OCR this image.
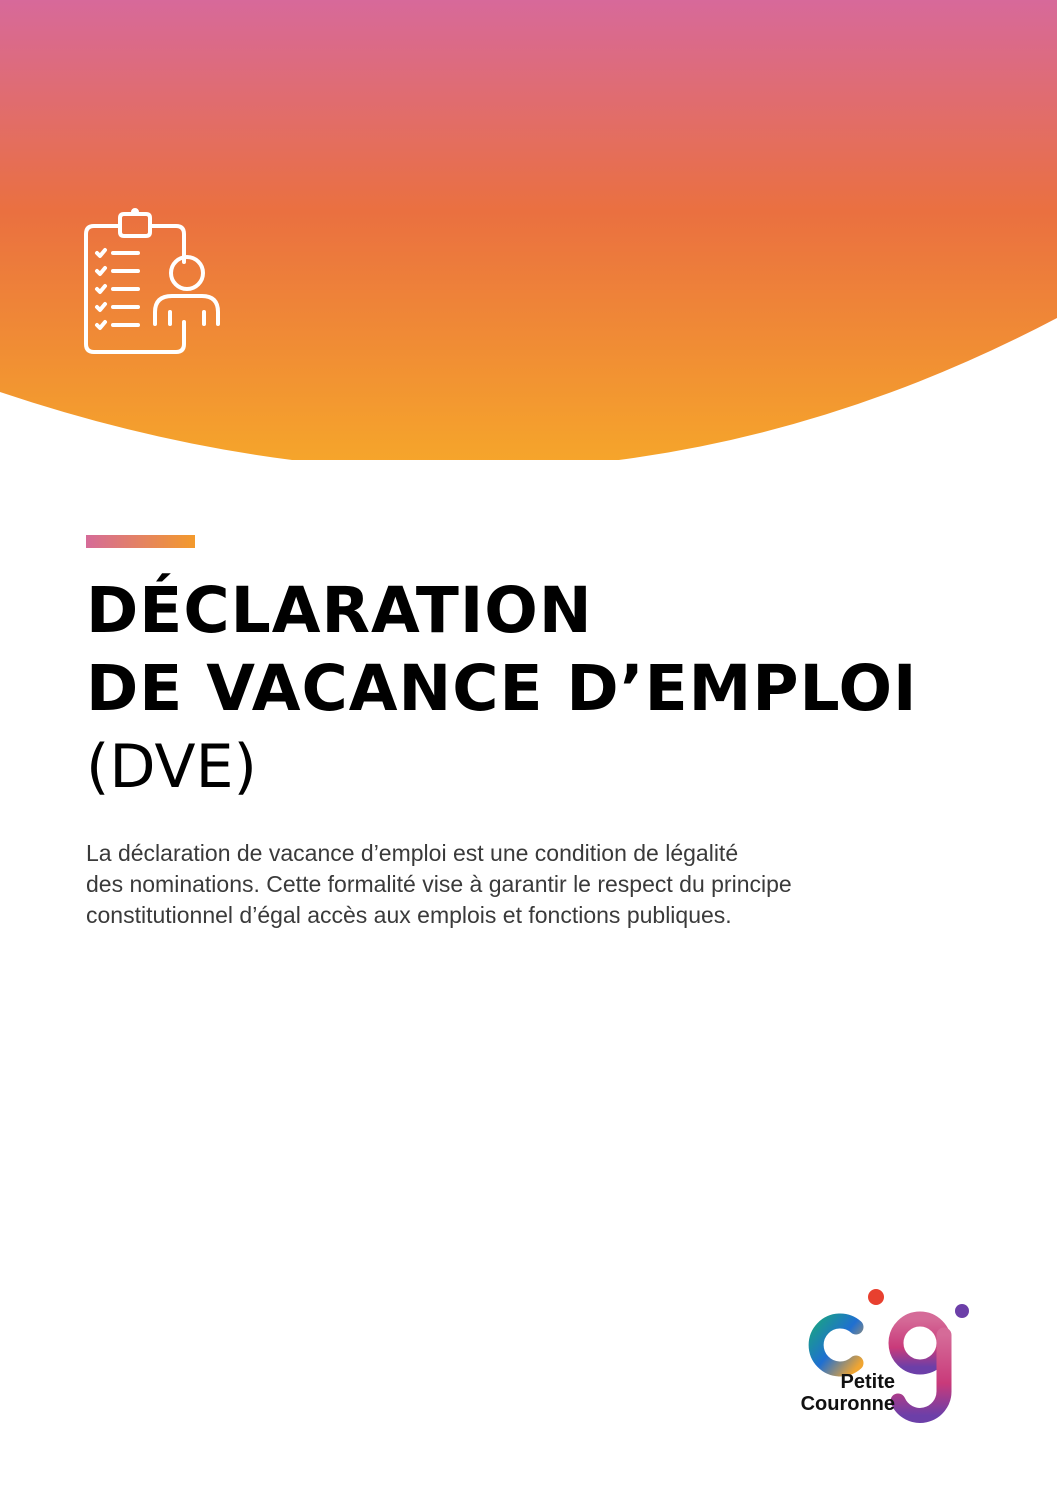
DÉCLARATION
DE VACANCE D’EMPLOI
(DVE)

La déclaration de vacance d’emploi est une condition de légalité
des nominations. Cette formalité vise à garantir le respect du principe
constitutionnel d’égal accès aux emplois et fonctions publiques.

Petite
Couronne
